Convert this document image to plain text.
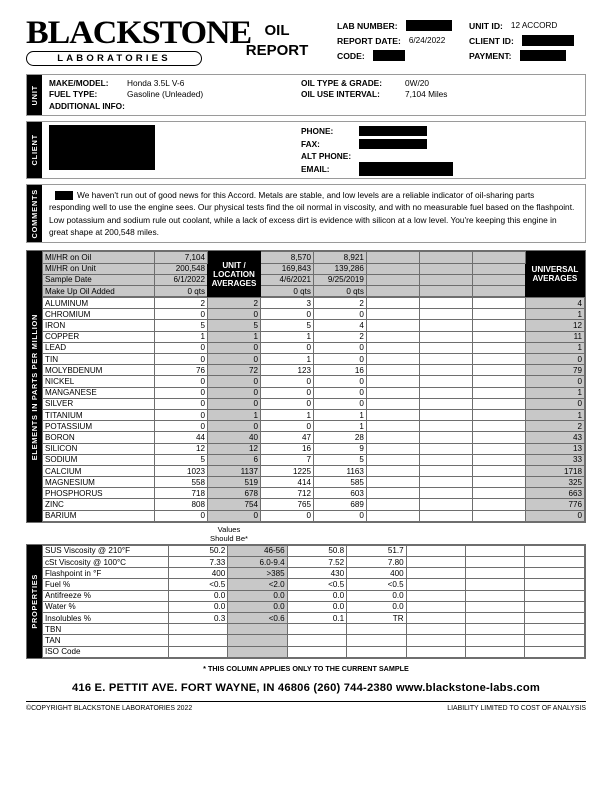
BLACKSTONE
LABORATORIES
OIL
REPORT
LAB NUMBER:	UNIT ID: 12 ACCORD
REPORT DATE: 6/24/2022	CLIENT ID:
CODE:	PAYMENT:
UNIT
MAKE/MODEL:	Honda 3.5L V-6	OIL TYPE & GRADE:	0W/20
FUEL TYPE:	Gasoline (Unleaded)	OIL USE INTERVAL:	7,104 Miles
ADDITIONAL INFO:
CLIENT
PHONE:
FAX:
ALT PHONE:
EMAIL:
COMMENTS	We haven't run out of good news for this Accord. Metals are stable, and low levels are a reliable indicator of oil-sharing parts responding well to use the engine sees. Our physical tests find the oil normal in viscosity, and with no measurable fuel based on the flashpoint. Low potassium and sodium rule out coolant, while a lack of excess dirt is evidence with silicon at a low level. You're keeping this engine in great shape at 200,548 miles.
ELEMENTS IN PARTS PER MILLION
MI/HR on Oil	7,104	UNIT / LOCATION AVERAGES	8,570	8,921				UNIVERSAL AVERAGES
MI/HR on Unit	200,548		169,843	139,286				
Sample Date	6/1/2022		4/6/2021	9/25/2019				
Make Up Oil Added	0 qts		0 qts	0 qts				
ALUMINUM	2	2	3	2				4
CHROMIUM	0	0	0	0				1
IRON	5	5	5	4				12
COPPER	1	1	1	2				11
LEAD	0	0	0	0				1
TIN	0	0	1	0				0
MOLYBDENUM	76	72	123	16				79
NICKEL	0	0	0	0				0
MANGANESE	0	0	0	0				1
SILVER	0	0	0	0				0
TITANIUM	0	1	1	1				1
POTASSIUM	0	0	0	1				2
BORON	44	40	47	28				43
SILICON	12	12	16	9				13
SODIUM	5	6	7	5				33
CALCIUM	1023	1137	1225	1163				1718
MAGNESIUM	558	519	414	585				325
PHOSPHORUS	718	678	712	603				663
ZINC	808	754	765	689				776
BARIUM	0	0	0	0				0
Values
Should Be*
PROPERTIES
SUS Viscosity @ 210°F	50.2	46-56	50.8	51.7			
cSt Viscosity @ 100°C	7.33	6.0-9.4	7.52	7.80			
Flashpoint in °F	400	>385	430	400			
Fuel %	<0.5	<2.0	<0.5	<0.5			
Antifreeze %	0.0	0.0	0.0	0.0			
Water %	0.0	0.0	0.0	0.0			
Insolubles %	0.3	<0.6	0.1	TR			
TBN							
TAN							
ISO Code							
* THIS COLUMN APPLIES ONLY TO THE CURRENT SAMPLE
416 E. PETTIT AVE. FORT WAYNE, IN 46806 (260) 744-2380 www.blackstone-labs.com
©COPYRIGHT BLACKSTONE LABORATORIES 2022	LIABILITY LIMITED TO COST OF ANALYSIS
